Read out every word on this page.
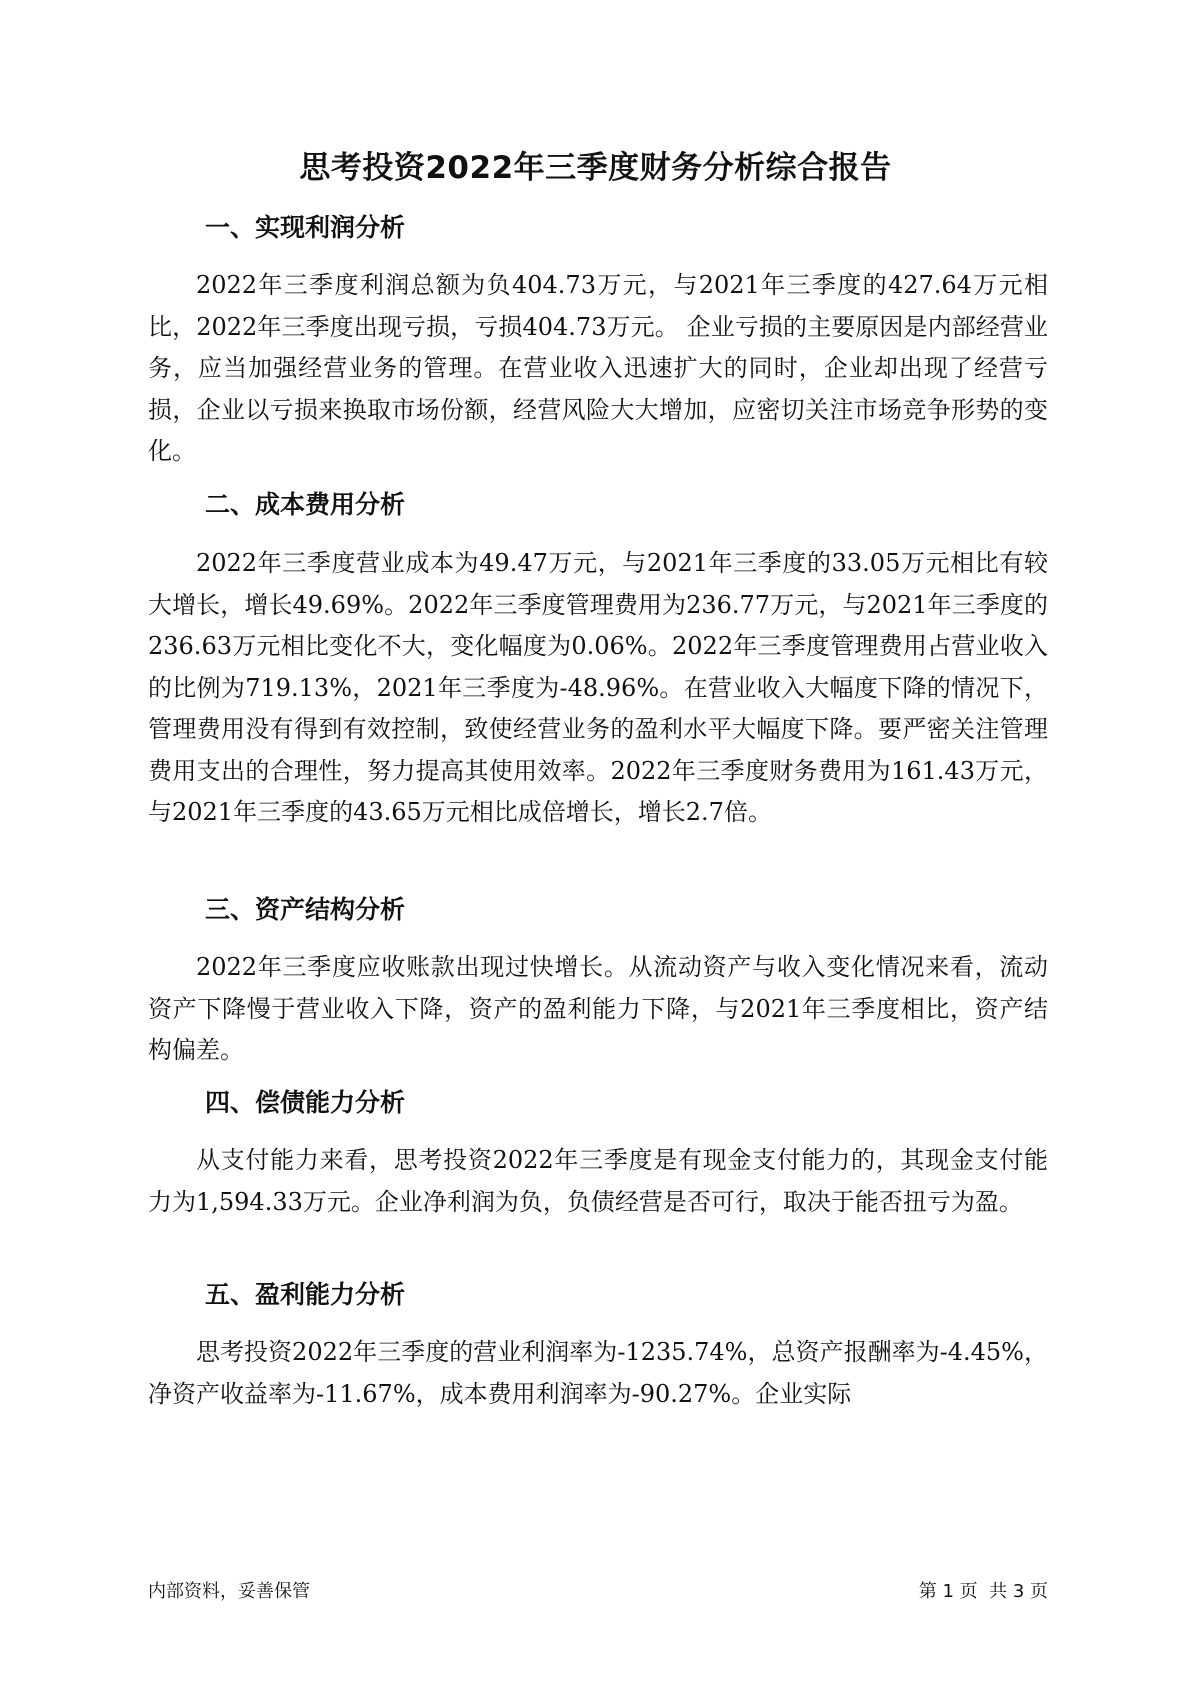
思考投资2022年三季度财务分析综合报告
一、实现利润分析

2022年三季度利润总额为负404.73万元，与2021年三季度的427.64万元相比，2022年三季度出现亏损，亏损404.73万元。 企业亏损的主要原因是内部经营业务，应当加强经营业务的管理。在营业收入迅速扩大的同时，企业却出现了经营亏损，企业以亏损来换取市场份额，经营风险大大增加，应密切关注市场竞争形势的变化。

二、成本费用分析

2022年三季度营业成本为49.47万元，与2021年三季度的33.05万元相比有较大增长，增长49.69%。2022年三季度管理费用为236.77万元，与2021年三季度的236.63万元相比变化不大，变化幅度为0.06%。2022年三季度管理费用占营业收入的比例为719.13%，2021年三季度为-48.96%。在营业收入大幅度下降的情况下，管理费用没有得到有效控制，致使经营业务的盈利水平大幅度下降。要严密关注管理费用支出的合理性，努力提高其使用效率。2022年三季度财务费用为161.43万元，与2021年三季度的43.65万元相比成倍增长，增长2.7倍。

三、资产结构分析

2022年三季度应收账款出现过快增长。从流动资产与收入变化情况来看，流动资产下降慢于营业收入下降，资产的盈利能力下降，与2021年三季度相比，资产结构偏差。

四、偿债能力分析

从支付能力来看，思考投资2022年三季度是有现金支付能力的，其现金支付能力为1,594.33万元。企业净利润为负，负债经营是否可行，取决于能否扭亏为盈。

五、盈利能力分析

思考投资2022年三季度的营业利润率为-1235.74%，总资产报酬率为-4.45%，净资产收益率为-11.67%，成本费用利润率为-90.27%。企业实际

内部资料，妥善保管	第 1 页  共 3 页
